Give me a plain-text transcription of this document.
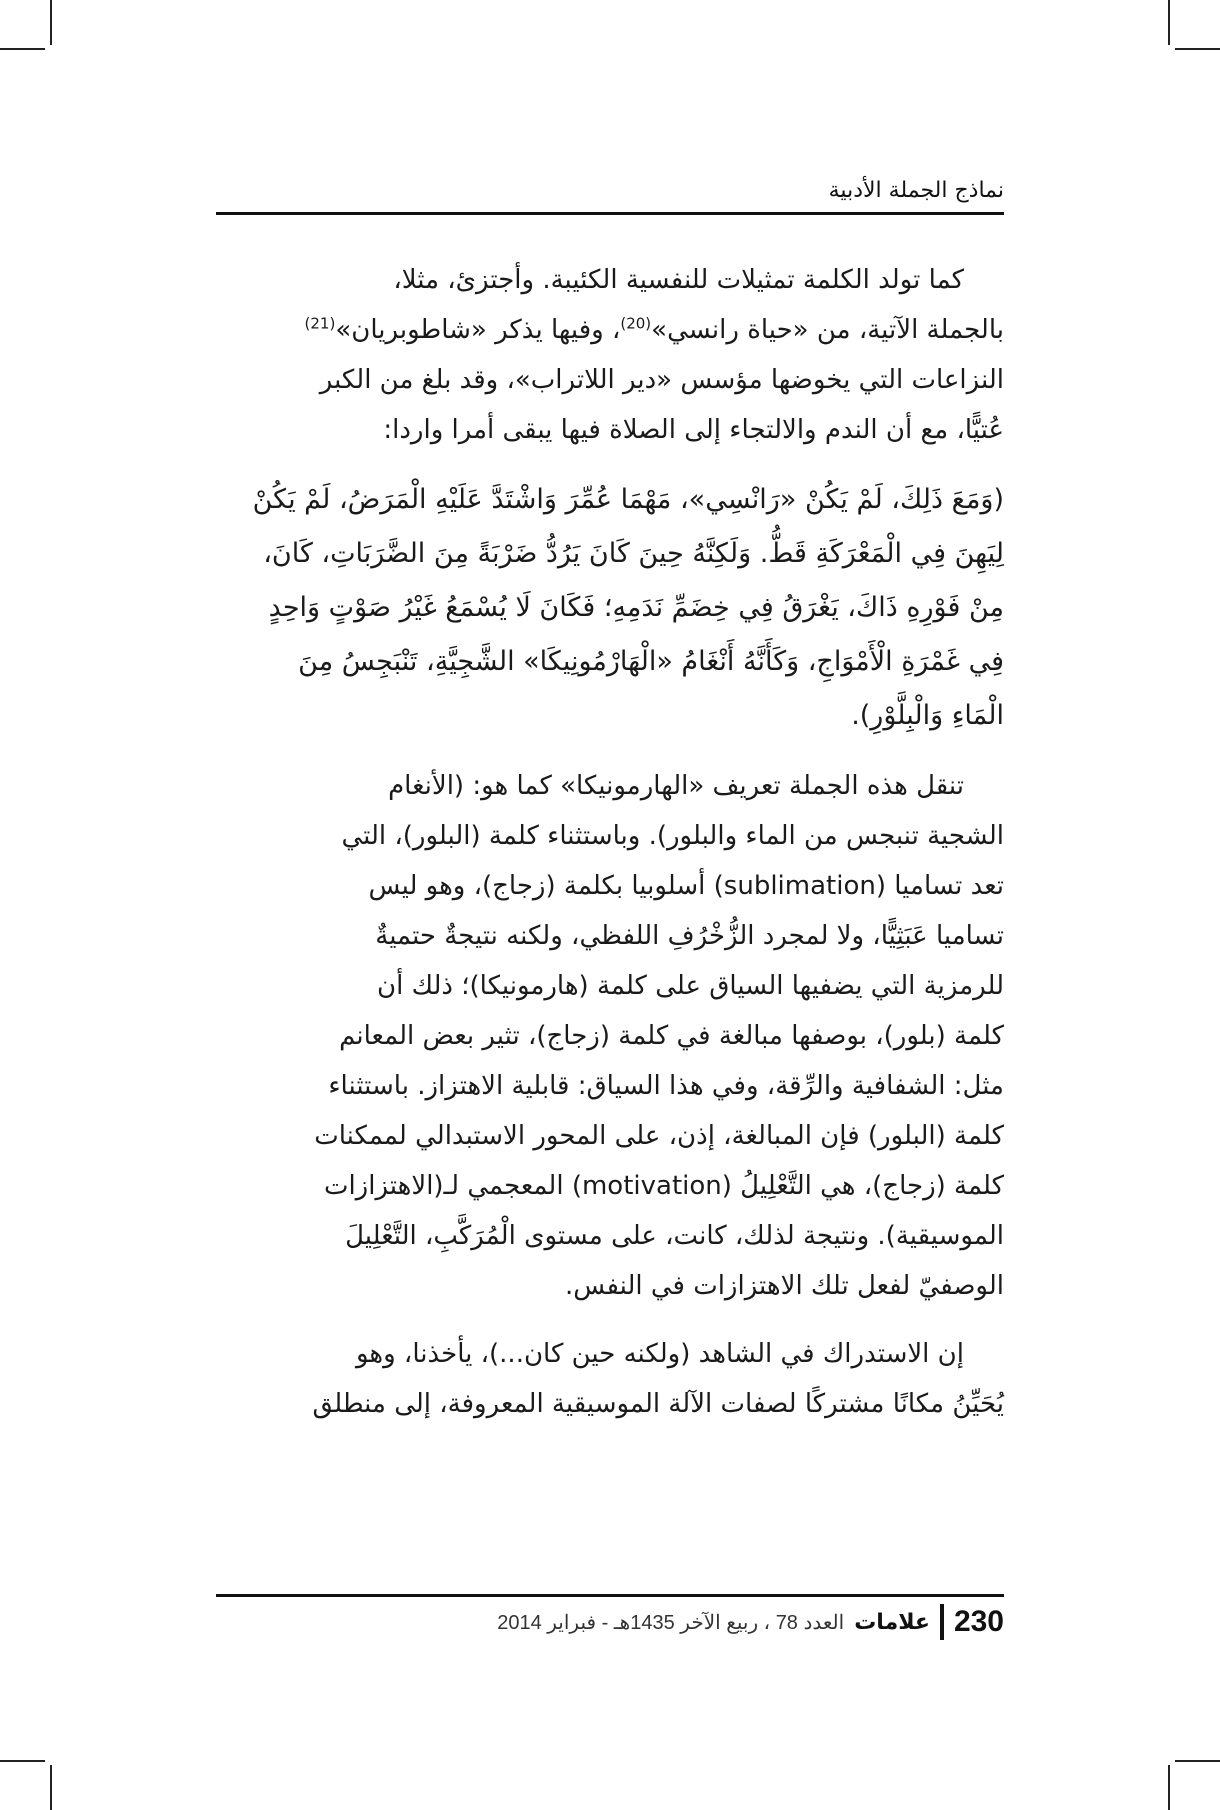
نماذج الجملة الأدبية

كما تولد الكلمة تمثيلات للنفسية الكئيبة. وأجتزئ، مثلا،
بالجملة الآتية، من «حياة رانسي»$^{(20)}$، وفيها يذكر «شاطوبريان»$^{(21)}$
النزاعات التي يخوضها مؤسس «دير اللاتراب»، وقد بلغ من الكبر
عُتيًّا، مع أن الندم والالتجاء إلى الصلاة فيها يبقى أمرا واردا:

(وَمَعَ ذَلِكَ، لَمْ يَكُنْ «رَانْسِي»، مَهْمَا عُمِّرَ وَاشْتَدَّ عَلَيْهِ الْمَرَضُ، لَمْ يَكُنْ
لِيَهِنَ فِي الْمَعْرَكَةِ قَطُّ. وَلَكِنَّهُ حِينَ كَانَ يَرُدُّ ضَرْبَةً مِنَ الضَّرَبَاتِ، كَانَ،
مِنْ فَوْرِهِ ذَاكَ، يَغْرَقُ فِي خِضَمِّ نَدَمِهِ؛ فَكَانَ لَا يُسْمَعُ غَيْرُ صَوْتٍ وَاحِدٍ
فِي غَمْرَةِ الْأَمْوَاجِ، وَكَأَنَّهُ أَنْغَامُ «الْهَارْمُونِيكَا» الشَّجِيَّةِ، تَنْبَجِسُ مِنَ
الْمَاءِ وَالْبِلَّوْرِ).

تنقل هذه الجملة تعريف «الهارمونيكا» كما هو: (الأنغام
الشجية تنبجس من الماء والبلور). وباستثناء كلمة (البلور)، التي
تعد تساميا (sublimation) أسلوبيا بكلمة (زجاج)، وهو ليس
تساميا عَبَثِيًّا، ولا لمجرد الزُّخْرُفِ اللفظي، ولكنه نتيجةٌ حتميةٌ
للرمزية التي يضفيها السياق على كلمة (هارمونيكا)؛ ذلك أن
كلمة (بلور)، بوصفها مبالغة في كلمة (زجاج)، تثير بعض المعانم
مثل: الشفافية والرِّقة، وفي هذا السياق: قابلية الاهتزاز. باستثناء
كلمة (البلور) فإن المبالغة، إذن، على المحور الاستبدالي لممكنات
كلمة (زجاج)، هي التَّعْلِيلُ (motivation) المعجمي لـ(الاهتزازات
الموسيقية). ونتيجة لذلك، كانت، على مستوى الْمُرَكَّبِ، التَّعْلِيلَ
الوصفيّ لفعل تلك الاهتزازات في النفس.

إن الاستدراك في الشاهد (ولكنه حين كان...)، يأخذنا، وهو
يُحَيِّنُ مكانًا مشتركًا لصفات الآلة الموسيقية المعروفة، إلى منطلق

230
علامات
العدد 78 ، ربيع الآخر 1435هـ - فبراير 2014
